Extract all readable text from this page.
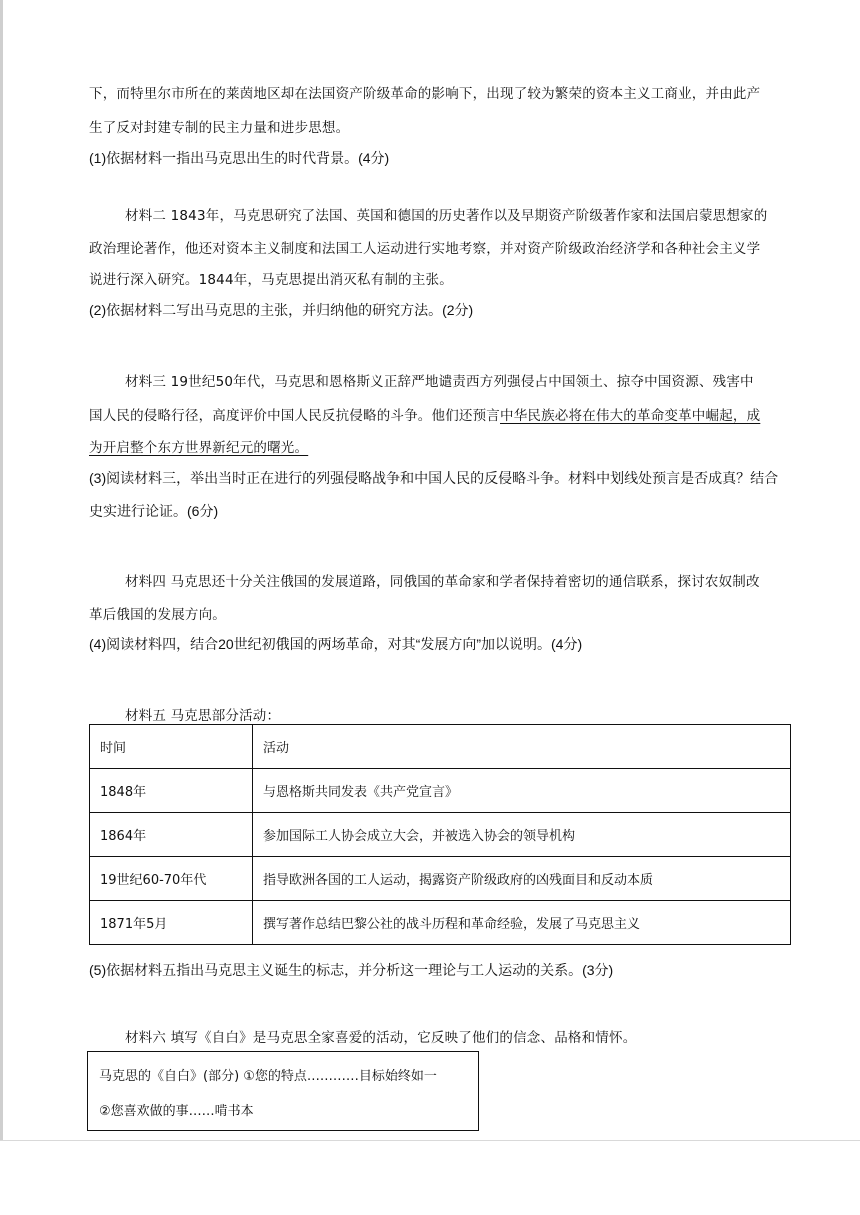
下，而特里尔市所在的莱茵地区却在法国资产阶级革命的影响下，出现了较为繁荣的资本主义工商业，并由此产
生了反对封建专制的民主力量和进步思想。
(1)依据材料一指出马克思出生的时代背景。(4分)
材料二 1843年，马克思研究了法国、英国和德国的历史著作以及早期资产阶级著作家和法国启蒙思想家的
政治理论著作，他还对资本主义制度和法国工人运动进行实地考察，并对资产阶级政治经济学和各种社会主义学
说进行深入研究。1844年，马克思提出消灭私有制的主张。
(2)依据材料二写出马克思的主张，并归纳他的研究方法。(2分)
材料三 19世纪50年代，马克思和恩格斯义正辞严地谴责西方列强侵占中国领土、掠夺中国资源、残害中
国人民的侵略行径，高度评价中国人民反抗侵略的斗争。他们还预言中华民族必将在伟大的革命变革中崛起，成
为开启整个东方世界新纪元的曙光。
(3)阅读材料三，举出当时正在进行的列强侵略战争和中国人民的反侵略斗争。材料中划线处预言是否成真？结合
史实进行论证。(6分)
材料四 马克思还十分关注俄国的发展道路，同俄国的革命家和学者保持着密切的通信联系，探讨农奴制改
革后俄国的发展方向。
(4)阅读材料四，结合20世纪初俄国的两场革命，对其“发展方向”加以说明。(4分)
材料五 马克思部分活动：
时间	活动
1848年	与恩格斯共同发表《共产党宣言》
1864年	参加国际工人协会成立大会，并被选入协会的领导机构
19世纪60-70年代	指导欧洲各国的工人运动，揭露资产阶级政府的凶残面目和反动本质
1871年5月	撰写著作总结巴黎公社的战斗历程和革命经验，发展了马克思主义
(5)依据材料五指出马克思主义诞生的标志，并分析这一理论与工人运动的关系。(3分)
材料六 填写《自白》是马克思全家喜爱的活动，它反映了他们的信念、品格和情怀。
马克思的《自白》(部分) ①您的特点…………目标始终如一
②您喜欢做的事……啃书本
